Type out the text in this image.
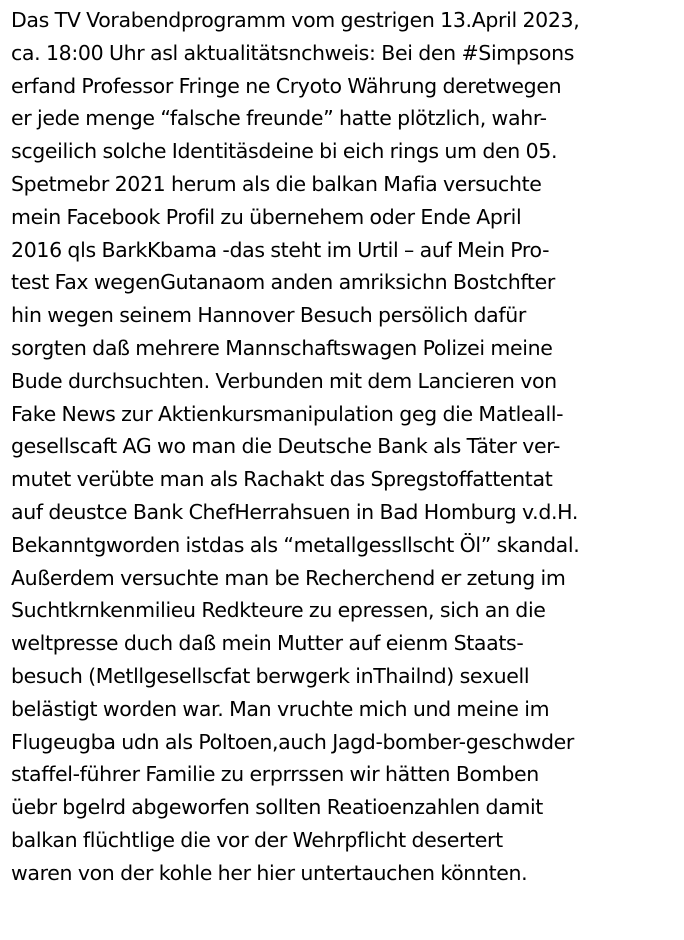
Das TV Vorabendprogramm vom gestrigen 13.April 2023,
ca. 18:00 Uhr asl aktualitätsnchweis: Bei den #Simpsons
erfand Professor Fringe ne Cryoto Währung deretwegen
er jede menge “falsche freunde” hatte plötzlich, wahr-
scgeilich solche Identitäsdeine bi eich rings um den 05.
Spetmebr 2021 herum als die balkan Mafia versuchte
mein Facebook Profil zu übernehem oder Ende April
2016 qls BarkKbama -das steht im Urtil – auf Mein Pro-
test Fax wegenGutanaom anden amriksichn Bostchfter
hin wegen seinem Hannover Besuch persölich dafür
sorgten daß mehrere Mannschaftswagen Polizei meine
Bude durchsuchten. Verbunden mit dem Lancieren von
Fake News zur Aktienkursmanipulation geg die Matleall-
gesellscaft AG wo man die Deutsche Bank als Täter ver-
mutet verübte man als Rachakt das Spregstoffattentat
auf deustce Bank ChefHerrahsuen in Bad Homburg v.d.H.
Bekanntgworden istdas als “metallgessllscht Öl” skandal.
Außerdem versuchte man be Recherchend er zetung im
Suchtkrnkenmilieu Redkteure zu epressen, sich an die
weltpresse duch daß mein Mutter auf eienm Staats-
besuch (Metllgesellscfat berwgerk inThailnd) sexuell
belästigt worden war. Man vruchte mich und meine im
Flugeugba udn als Poltoen,auch Jagd-bomber-geschwder
staffel-führer Familie zu erprrssen wir hätten Bomben
üebr bgelrd abgeworfen sollten Reatioenzahlen damit
balkan flüchtlige die vor der Wehrpflicht desertert
waren von der kohle her hier untertauchen könnten.
